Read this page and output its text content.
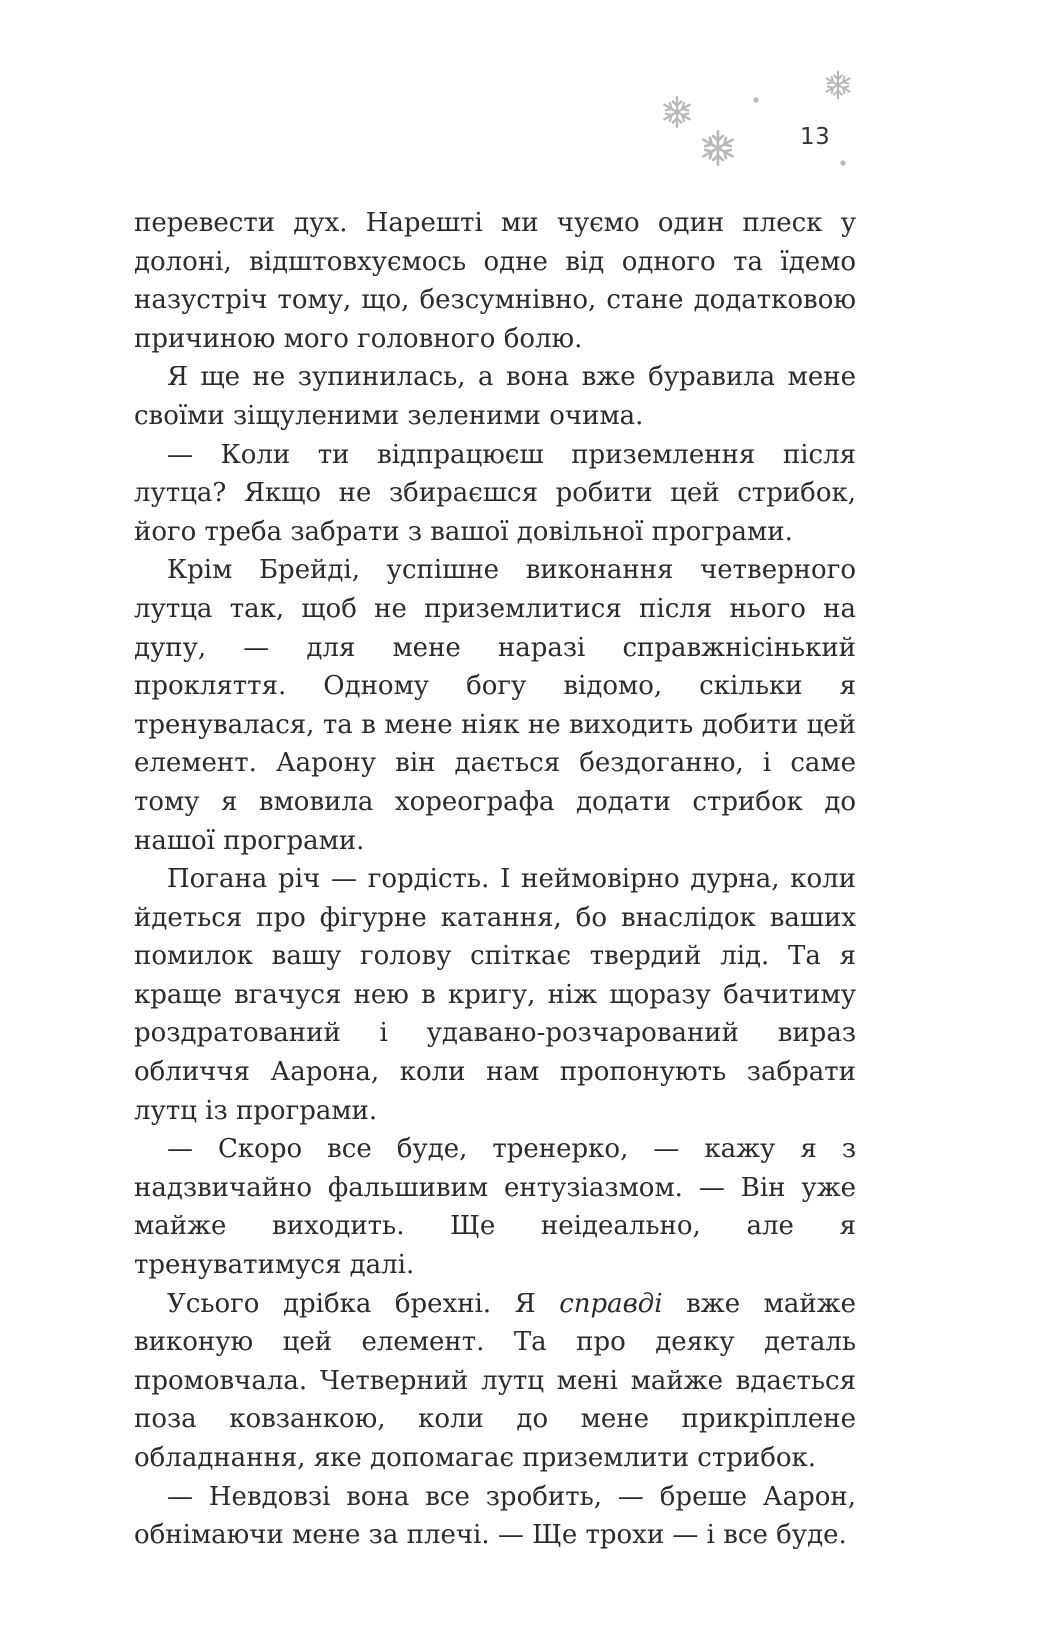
13

перевести дух. Нарешті ми чуємо один плеск у долоні, відштовхуємось одне від одного та їдемо назустріч тому, що, безсумнівно, стане додатковою причиною мого головного болю.

Я ще не зупинилась, а вона вже буравила мене своїми зіщуленими зеленими очима.

— Коли ти відпрацюєш приземлення після лутца? Якщо не збираєшся робити цей стрибок, його треба забрати з вашої довільної програми.

Крім Брейді, успішне виконання четверного лутца так, щоб не приземлитися після нього на дупу, — для мене наразі справжнісінький прокляття. Одному богу відомо, скільки я тренувалася, та в мене ніяк не виходить добити цей елемент. Аарону він дається бездоганно, і саме тому я вмовила хореографа додати стрибок до нашої програми.

Погана річ — гордість. І неймовірно дурна, коли йдеться про фігурне катання, бо внаслідок ваших помилок вашу голову спіткає твердий лід. Та я краще вгачуся нею в кригу, ніж щоразу бачитиму роздратований і удавано-розчарований вираз обличчя Аарона, коли нам пропонують забрати лутц із програми.

— Скоро все буде, тренерко, — кажу я з надзвичайно фальшивим ентузіазмом. — Він уже майже виходить. Ще неідеально, але я тренуватимуся далі.

Усього дрібка брехні. Я справді вже майже виконую цей елемент. Та про деяку деталь промовчала. Четверний лутц мені майже вдається поза ковзанкою, коли до мене прикріплене обладнання, яке допомагає приземлити стрибок.

— Невдовзі вона все зробить, — бреше Аарон, обнімаючи мене за плечі. — Ще трохи — і все буде.
